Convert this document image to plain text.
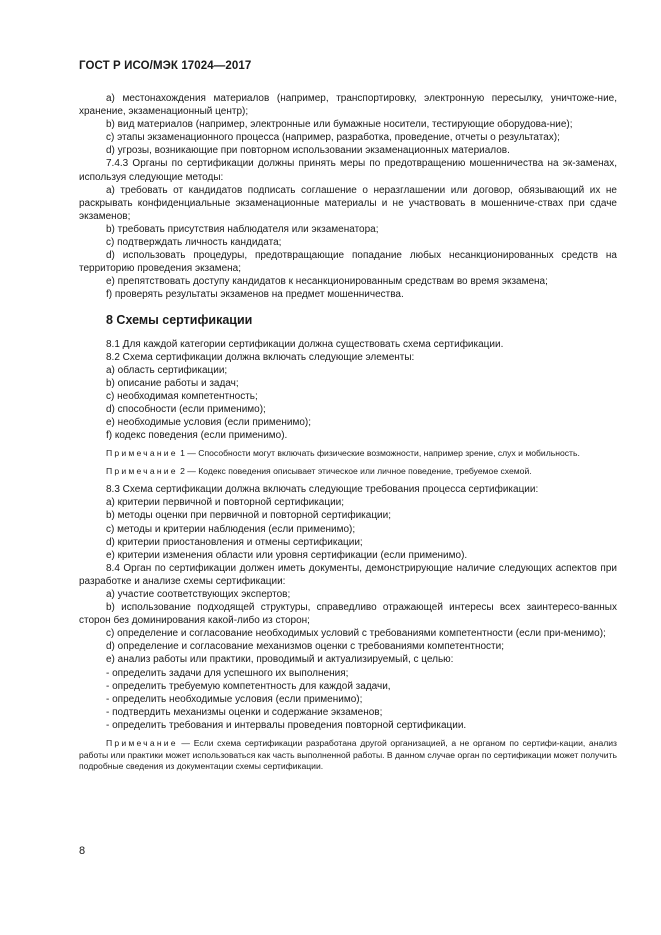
ГОСТ Р ИСО/МЭК 17024—2017

a) местонахождения материалов (например, транспортировку, электронную пересылку, уничтоже-ние, хранение, экзаменационный центр);

b) вид материалов (например, электронные или бумажные носители, тестирующие оборудова-ние);

c) этапы экзаменационного процесса (например, разработка, проведение, отчеты о результатах);

d) угрозы, возникающие при повторном использовании экзаменационных материалов.

7.4.3 Органы по сертификации должны принять меры по предотвращению мошенничества на эк-заменах, используя следующие методы:

a) требовать от кандидатов подписать соглашение о неразглашении или договор, обязывающий их не раскрывать конфиденциальные экзаменационные материалы и не участвовать в мошенниче-ствах при сдаче экзаменов;

b) требовать присутствия наблюдателя или экзаменатора;

c) подтверждать личность кандидата;

d) использовать процедуры, предотвращающие попадание любых несанкционированных средств на территорию проведения экзамена;

e) препятствовать доступу кандидатов к несанкционированным средствам во время экзамена;

f) проверять результаты экзаменов на предмет мошенничества.

8 Схемы сертификации

8.1 Для каждой категории сертификации должна существовать схема сертификации.

8.2 Схема сертификации должна включать следующие элементы:

a) область сертификации;

b) описание работы и задач;

c) необходимая компетентность;

d) способности (если применимо);

e) необходимые условия (если применимо);

f) кодекс поведения (если применимо).

Примечание 1 — Способности могут включать физические возможности, например зрение, слух и мобильность.

Примечание 2 — Кодекс поведения описывает этическое или личное поведение, требуемое схемой.

8.3 Схема сертификации должна включать следующие требования процесса сертификации:

a) критерии первичной и повторной сертификации;

b) методы оценки при первичной и повторной сертификации;

c) методы и критерии наблюдения (если применимо);

d) критерии приостановления и отмены сертификации;

e) критерии изменения области или уровня сертификации (если применимо).

8.4 Орган по сертификации должен иметь документы, демонстрирующие наличие следующих аспектов при разработке и анализе схемы сертификации:

a) участие соответствующих экспертов;

b) использование подходящей структуры, справедливо отражающей интересы всех заинтересо-ванных сторон без доминирования какой-либо из сторон;

c) определение и согласование необходимых условий с требованиями компетентности (если при-менимо);

d) определение и согласование механизмов оценки с требованиями компетентности;

e) анализ работы или практики, проводимый и актуализируемый, с целью:

- определить задачи для успешного их выполнения;

- определить требуемую компетентность для каждой задачи,

- определить необходимые условия (если применимо);

- подтвердить механизмы оценки и содержание экзаменов;

- определить требования и интервалы проведения повторной сертификации.

Примечание — Если схема сертификации разработана другой организацией, а не органом по сертифи-кации, анализ работы или практики может использоваться как часть выполненной работы. В данном случае орган по сертификации может получить подробные сведения из документации схемы сертификации.

8
